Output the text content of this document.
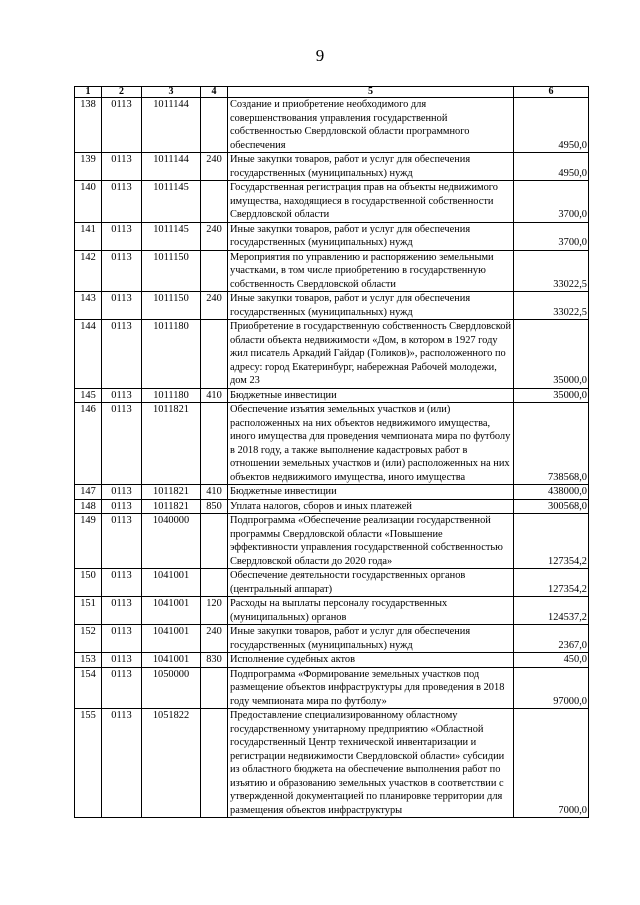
9
1	2	3	4	5	6
138	0113	1011144		Создание и приобретение необходимого для совершенствования управления государственной собственностью Свердловской области программного обеспечения	4950,0
139	0113	1011144	240	Иные закупки товаров, работ и услуг для обеспечения государственных (муниципальных) нужд	4950,0
140	0113	1011145		Государственная регистрация прав на объекты недвижимого имущества, находящиеся в государственной собственности Свердловской области	3700,0
141	0113	1011145	240	Иные закупки товаров, работ и услуг для обеспечения государственных (муниципальных) нужд	3700,0
142	0113	1011150		Мероприятия по управлению и распоряжению земельными участками, в том числе приобретению в государственную собственность Свердловской области	33022,5
143	0113	1011150	240	Иные закупки товаров, работ и услуг для обеспечения государственных (муниципальных) нужд	33022,5
144	0113	1011180		Приобретение в государственную собственность Свердловской области объекта недвижимости «Дом, в котором в 1927 году жил писатель Аркадий Гайдар (Голиков)», расположенного по адресу: город Екатеринбург, набережная Рабочей молодежи, дом 23	35000,0
145	0113	1011180	410	Бюджетные инвестиции	35000,0
146	0113	1011821		Обеспечение изъятия земельных участков и (или) расположенных на них объектов недвижимого имущества, иного имущества для проведения чемпионата мира по футболу в 2018 году, а также выполнение кадастровых работ в отношении земельных участков и (или) расположенных на них объектов недвижимого имущества, иного имущества	738568,0
147	0113	1011821	410	Бюджетные инвестиции	438000,0
148	0113	1011821	850	Уплата налогов, сборов и иных платежей	300568,0
149	0113	1040000		Подпрограмма «Обеспечение реализации государственной программы Свердловской области «Повышение эффективности управления государственной собственностью Свердловской области до 2020 года»	127354,2
150	0113	1041001		Обеспечение деятельности государственных органов (центральный аппарат)	127354,2
151	0113	1041001	120	Расходы на выплаты персоналу государственных (муниципальных) органов	124537,2
152	0113	1041001	240	Иные закупки товаров, работ и услуг для обеспечения государственных (муниципальных) нужд	2367,0
153	0113	1041001	830	Исполнение судебных актов	450,0
154	0113	1050000		Подпрограмма «Формирование земельных участков под размещение объектов инфраструктуры для проведения в 2018 году чемпионата мира по футболу»	97000,0
155	0113	1051822		Предоставление специализированному областному государственному унитарному предприятию «Областной государственный Центр технической инвентаризации и регистрации недвижимости Свердловской области» субсидии из областного бюджета на обеспечение выполнения работ по изъятию и образованию земельных участков в соответствии с утвержденной документацией по планировке территории для размещения объектов инфраструктуры	7000,0
